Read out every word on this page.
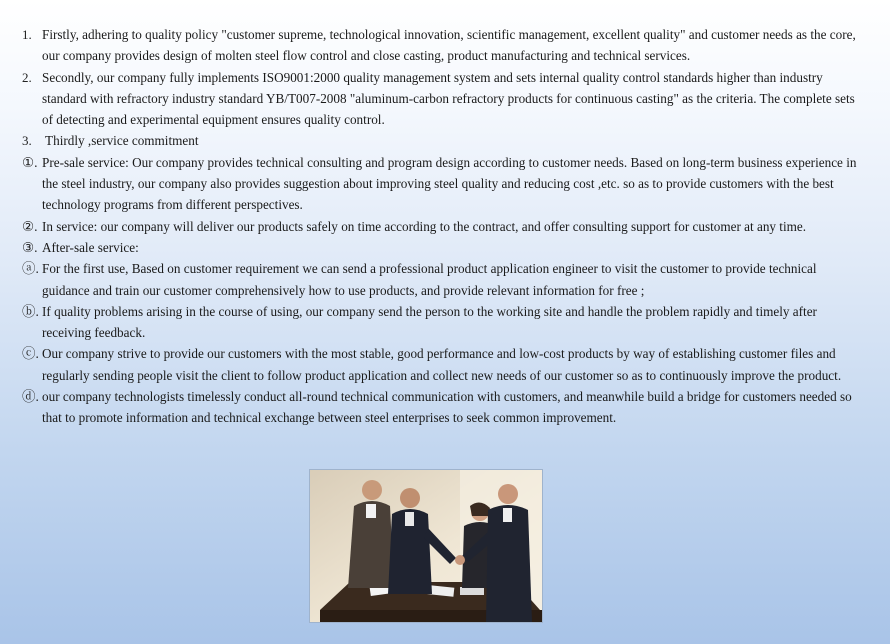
1. Firstly, adhering to quality policy "customer supreme, technological innovation, scientific management, excellent quality" and customer needs as the core, our company provides design of molten steel flow control and close casting, product manufacturing and technical services.
2. Secondly, our company fully implements ISO9001:2000 quality management system and sets internal quality control standards higher than industry standard with refractory industry standard YB/T007-2008 "aluminum-carbon refractory products for continuous casting" as the criteria. The complete sets of detecting and experimental equipment ensures quality control.
3. Thirdly ,service commitment
①. Pre-sale service: Our company provides technical consulting and program design according to customer needs. Based on long-term business experience in the steel industry, our company also provides suggestion about improving steel quality and reducing cost ,etc. so as to provide customers with the best technology programs from different perspectives.
②. In service: our company will deliver our products safely on time according to the contract, and offer consulting support for customer at any time.
③. After-sale service:
ⓐ. For the first use, Based on customer requirement we can send a professional product application engineer to visit the customer to provide technical guidance and train our customer comprehensively how to use products, and provide relevant information for free ;
ⓑ. If quality problems arising in the course of using, our company send the person to the working site and handle the problem rapidly and timely after receiving feedback.
ⓒ. Our company strive to provide our customers with the most stable, good performance and low-cost products by way of establishing customer files and regularly sending people visit the client to follow product application and collect new needs of our customer so as to continuously improve the product.
ⓓ. our company technologists timelessly conduct all-round technical communication with customers, and meanwhile build a bridge for customers needed so that to promote information and technical exchange between steel enterprises to seek common improvement.
